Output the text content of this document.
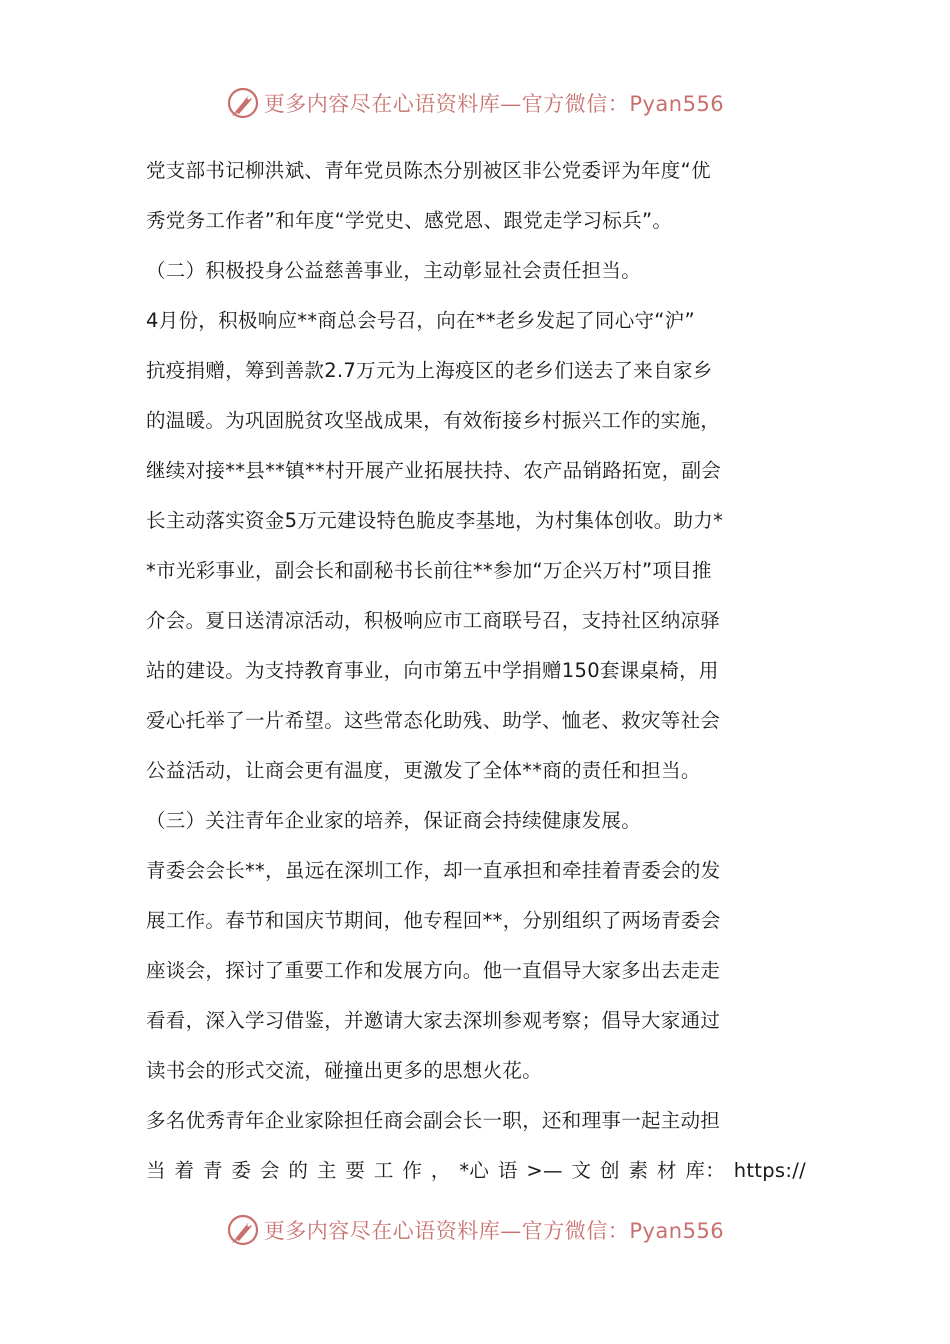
更多内容尽在心语资料库—官方微信：Pyan556
党支部书记柳洪斌、青年党员陈杰分别被区非公党委评为年度“优
秀党务工作者”和年度“学党史、感党恩、跟党走学习标兵”。
（二）积极投身公益慈善事业，主动彰显社会责任担当。
4月份，积极响应**商总会号召，向在**老乡发起了同心守“沪”
抗疫捐赠，筹到善款2.7万元为上海疫区的老乡们送去了来自家乡
的温暖。为巩固脱贫攻坚战成果，有效衔接乡村振兴工作的实施，
继续对接**县**镇**村开展产业拓展扶持、农产品销路拓宽，副会
长主动落实资金5万元建设特色脆皮李基地，为村集体创收。助力*
*市光彩事业，副会长和副秘书长前往**参加“万企兴万村”项目推
介会。夏日送清凉活动，积极响应市工商联号召，支持社区纳凉驿
站的建设。为支持教育事业，向市第五中学捐赠150套课桌椅，用
爱心托举了一片希望。这些常态化助残、助学、恤老、救灾等社会
公益活动，让商会更有温度，更激发了全体**商的责任和担当。
（三）关注青年企业家的培养，保证商会持续健康发展。
青委会会长**，虽远在深圳工作，却一直承担和牵挂着青委会的发
展工作。春节和国庆节期间，他专程回**，分别组织了两场青委会
座谈会，探讨了重要工作和发展方向。他一直倡导大家多出去走走
看看，深入学习借鉴，并邀请大家去深圳参观考察；倡导大家通过
读书会的形式交流，碰撞出更多的思想火花。
多名优秀青年企业家除担任商会副会长一职，还和理事一起主动担
当 着 青 委 会 的 主 要 工 作 ， *心 语 >— 文 创 素 材 库： https://
更多内容尽在心语资料库—官方微信：Pyan556
